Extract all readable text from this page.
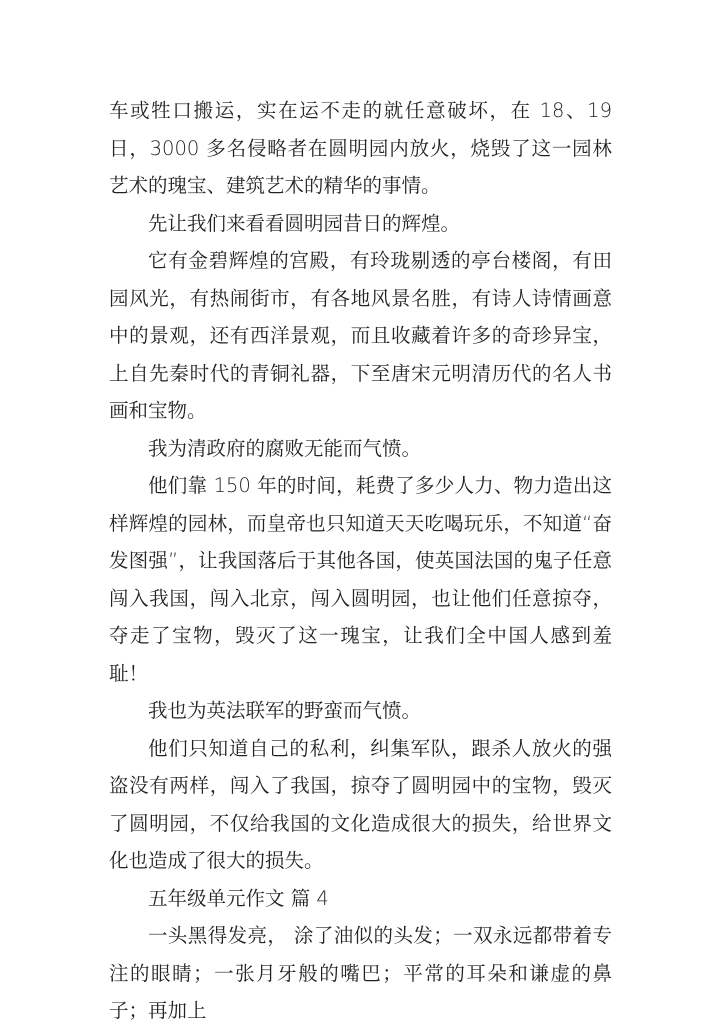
车或牲口搬运，实在运不走的就任意破坏，在 18、19 日，3000 多名侵略者在圆明园内放火，烧毁了这一园林艺术的瑰宝、建筑艺术的精华的事情。

先让我们来看看圆明园昔日的辉煌。

它有金碧辉煌的宫殿，有玲珑剔透的亭台楼阁，有田园风光，有热闹街市，有各地风景名胜，有诗人诗情画意中的景观，还有西洋景观，而且收藏着许多的奇珍异宝，上自先秦时代的青铜礼器，下至唐宋元明清历代的名人书画和宝物。

我为清政府的腐败无能而气愤。

他们靠 150 年的时间，耗费了多少人力、物力造出这样辉煌的园林，而皇帝也只知道天天吃喝玩乐，不知道“奋发图强”，让我国落后于其他各国，使英国法国的鬼子任意闯入我国，闯入北京，闯入圆明园，也让他们任意掠夺，夺走了宝物，毁灭了这一瑰宝，让我们全中国人感到羞耻！

我也为英法联军的野蛮而气愤。

他们只知道自己的私利，纠集军队，跟杀人放火的强盗没有两样，闯入了我国，掠夺了圆明园中的宝物，毁灭了圆明园，不仅给我国的文化造成很大的损失，给世界文化也造成了很大的损失。

五年级单元作文 篇 4

一头黑得发亮， 涂了油似的头发；一双永远都带着专注的眼睛；一张月牙般的嘴巴；平常的耳朵和谦虚的鼻子；再加上
